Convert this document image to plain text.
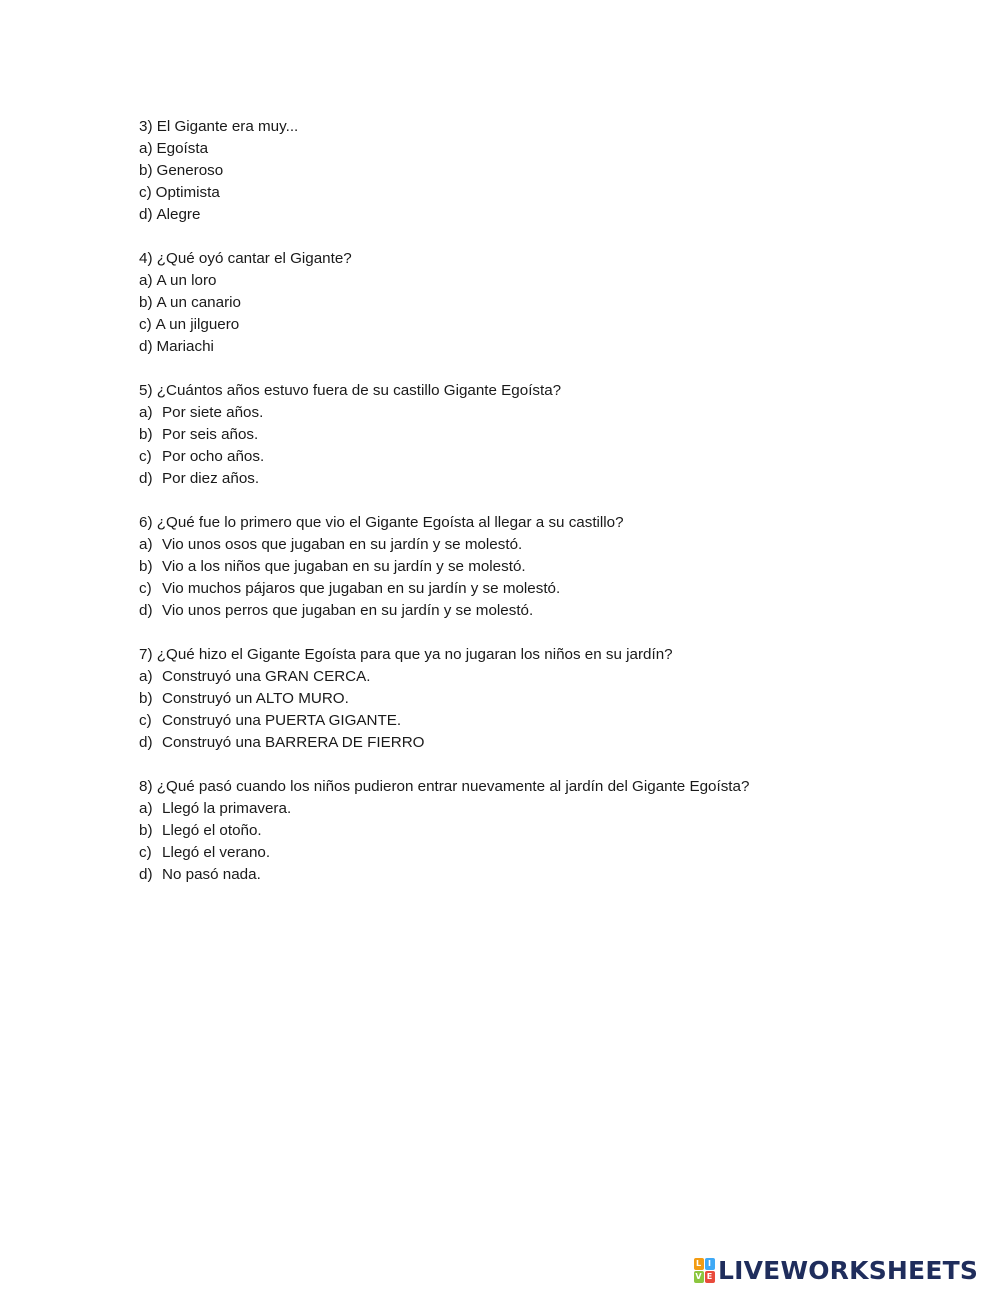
3) El Gigante era muy...
a) Egoísta
b) Generoso
c) Optimista
d) Alegre
4) ¿Qué oyó cantar el Gigante?
a) A un loro
b) A un canario
c) A un jilguero
d) Mariachi
5) ¿Cuántos años estuvo fuera de su castillo Gigante Egoísta?
a) Por siete años.
b) Por seis años.
c) Por ocho años.
d) Por diez años.
6) ¿Qué fue lo primero que vio el Gigante Egoísta al llegar a su castillo?
a) Vio unos osos que jugaban en su jardín y se molestó.
b) Vio a los niños que jugaban en su jardín y se molestó.
c) Vio muchos pájaros que jugaban en su jardín y se molestó.
d) Vio unos perros que jugaban en su jardín y se molestó.
7) ¿Qué hizo el Gigante Egoísta para que ya no jugaran los niños en su jardín?
a) Construyó una GRAN CERCA.
b) Construyó un ALTO MURO.
c) Construyó una PUERTA GIGANTE.
d) Construyó una BARRERA DE FIERRO
8) ¿Qué pasó cuando los niños pudieron entrar nuevamente al jardín del Gigante Egoísta?
a) Llegó la primavera.
b) Llegó el otoño.
c) Llegó el verano.
d) No pasó nada.
L I
V E LIVEWORKSHEETS
